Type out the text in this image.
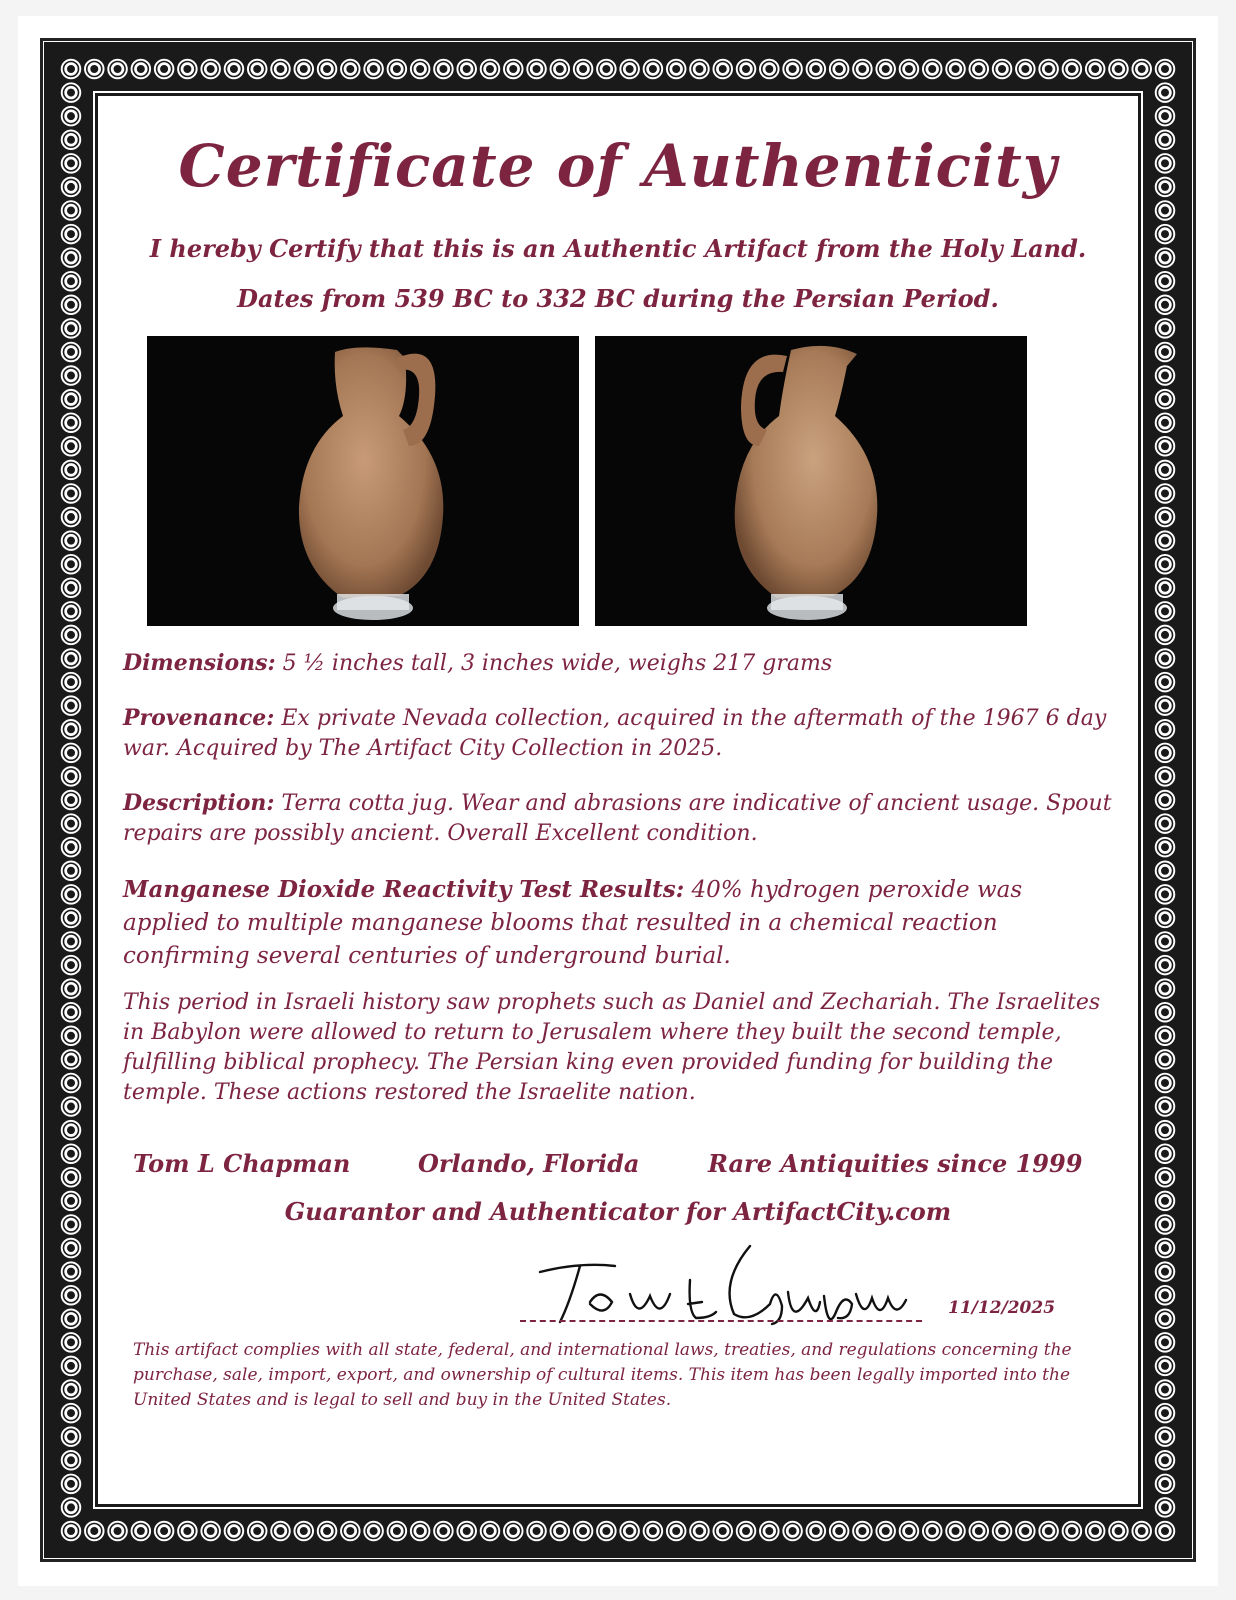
Certificate of Authenticity
I hereby Certify that this is an Authentic Artifact from the Holy Land.
Dates from 539 BC to 332 BC during the Persian Period.
Dimensions: 5 ½ inches tall, 3 inches wide, weighs 217 grams
Provenance: Ex private Nevada collection, acquired in the aftermath of the 1967 6 day war. Acquired by The Artifact City Collection in 2025.
Description: Terra cotta jug. Wear and abrasions are indicative of ancient usage. Spout repairs are possibly ancient. Overall Excellent condition.
Manganese Dioxide Reactivity Test Results: 40% hydrogen peroxide was applied to multiple manganese blooms that resulted in a chemical reaction confirming several centuries of underground burial.
This period in Israeli history saw prophets such as Daniel and Zechariah. The Israelites in Babylon were allowed to return to Jerusalem where they built the second temple, fulfilling biblical prophecy. The Persian king even provided funding for building the temple. These actions restored the Israelite nation.
Tom L Chapman	Orlando, Florida	Rare Antiquities since 1999
Guarantor and Authenticator for ArtifactCity.com
11/12/2025
This artifact complies with all state, federal, and international laws, treaties, and regulations concerning the purchase, sale, import, export, and ownership of cultural items. This item has been legally imported into the United States and is legal to sell and buy in the United States.
